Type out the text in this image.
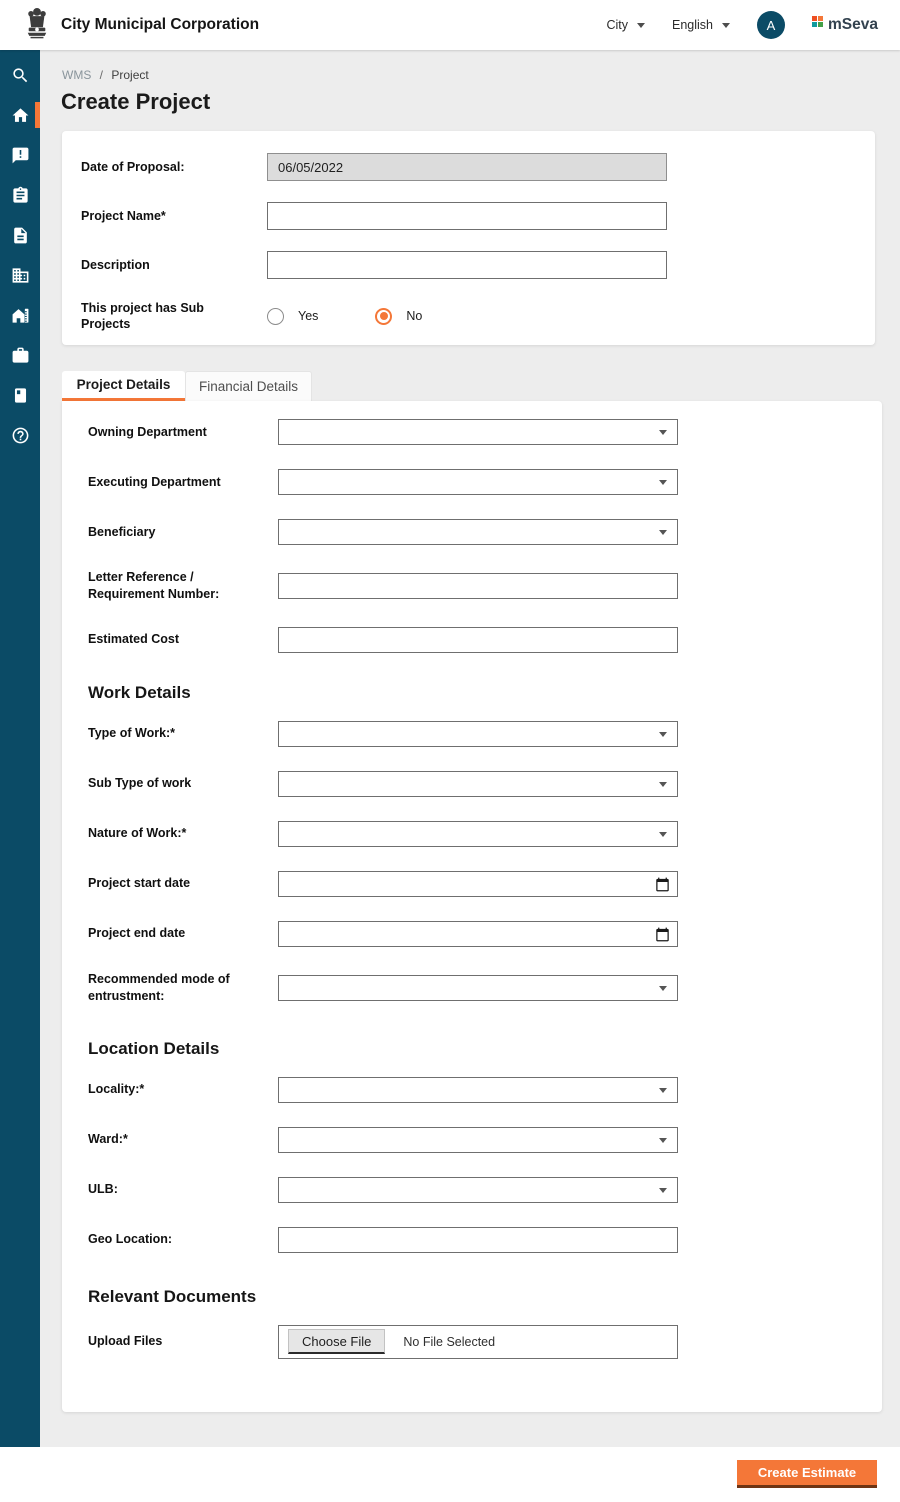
City Municipal Corporation	City	English	A	mSeva
WMS / Project
Create Project
Date of Proposal:
06/05/2022
Project Name*
Description
This project has Sub Projects
Yes	No
Project Details	Financial Details
Owning Department
Executing Department
Beneficiary
Letter Reference / Requirement Number:
Estimated Cost
Work Details
Type of Work:*
Sub Type of work
Nature of Work:*
Project start date
Project end date
Recommended mode of entrustment:
Location Details
Locality:*
Ward:*
ULB:
Geo Location:
Relevant Documents
Upload Files	Choose File	No File Selected
Create Estimate
